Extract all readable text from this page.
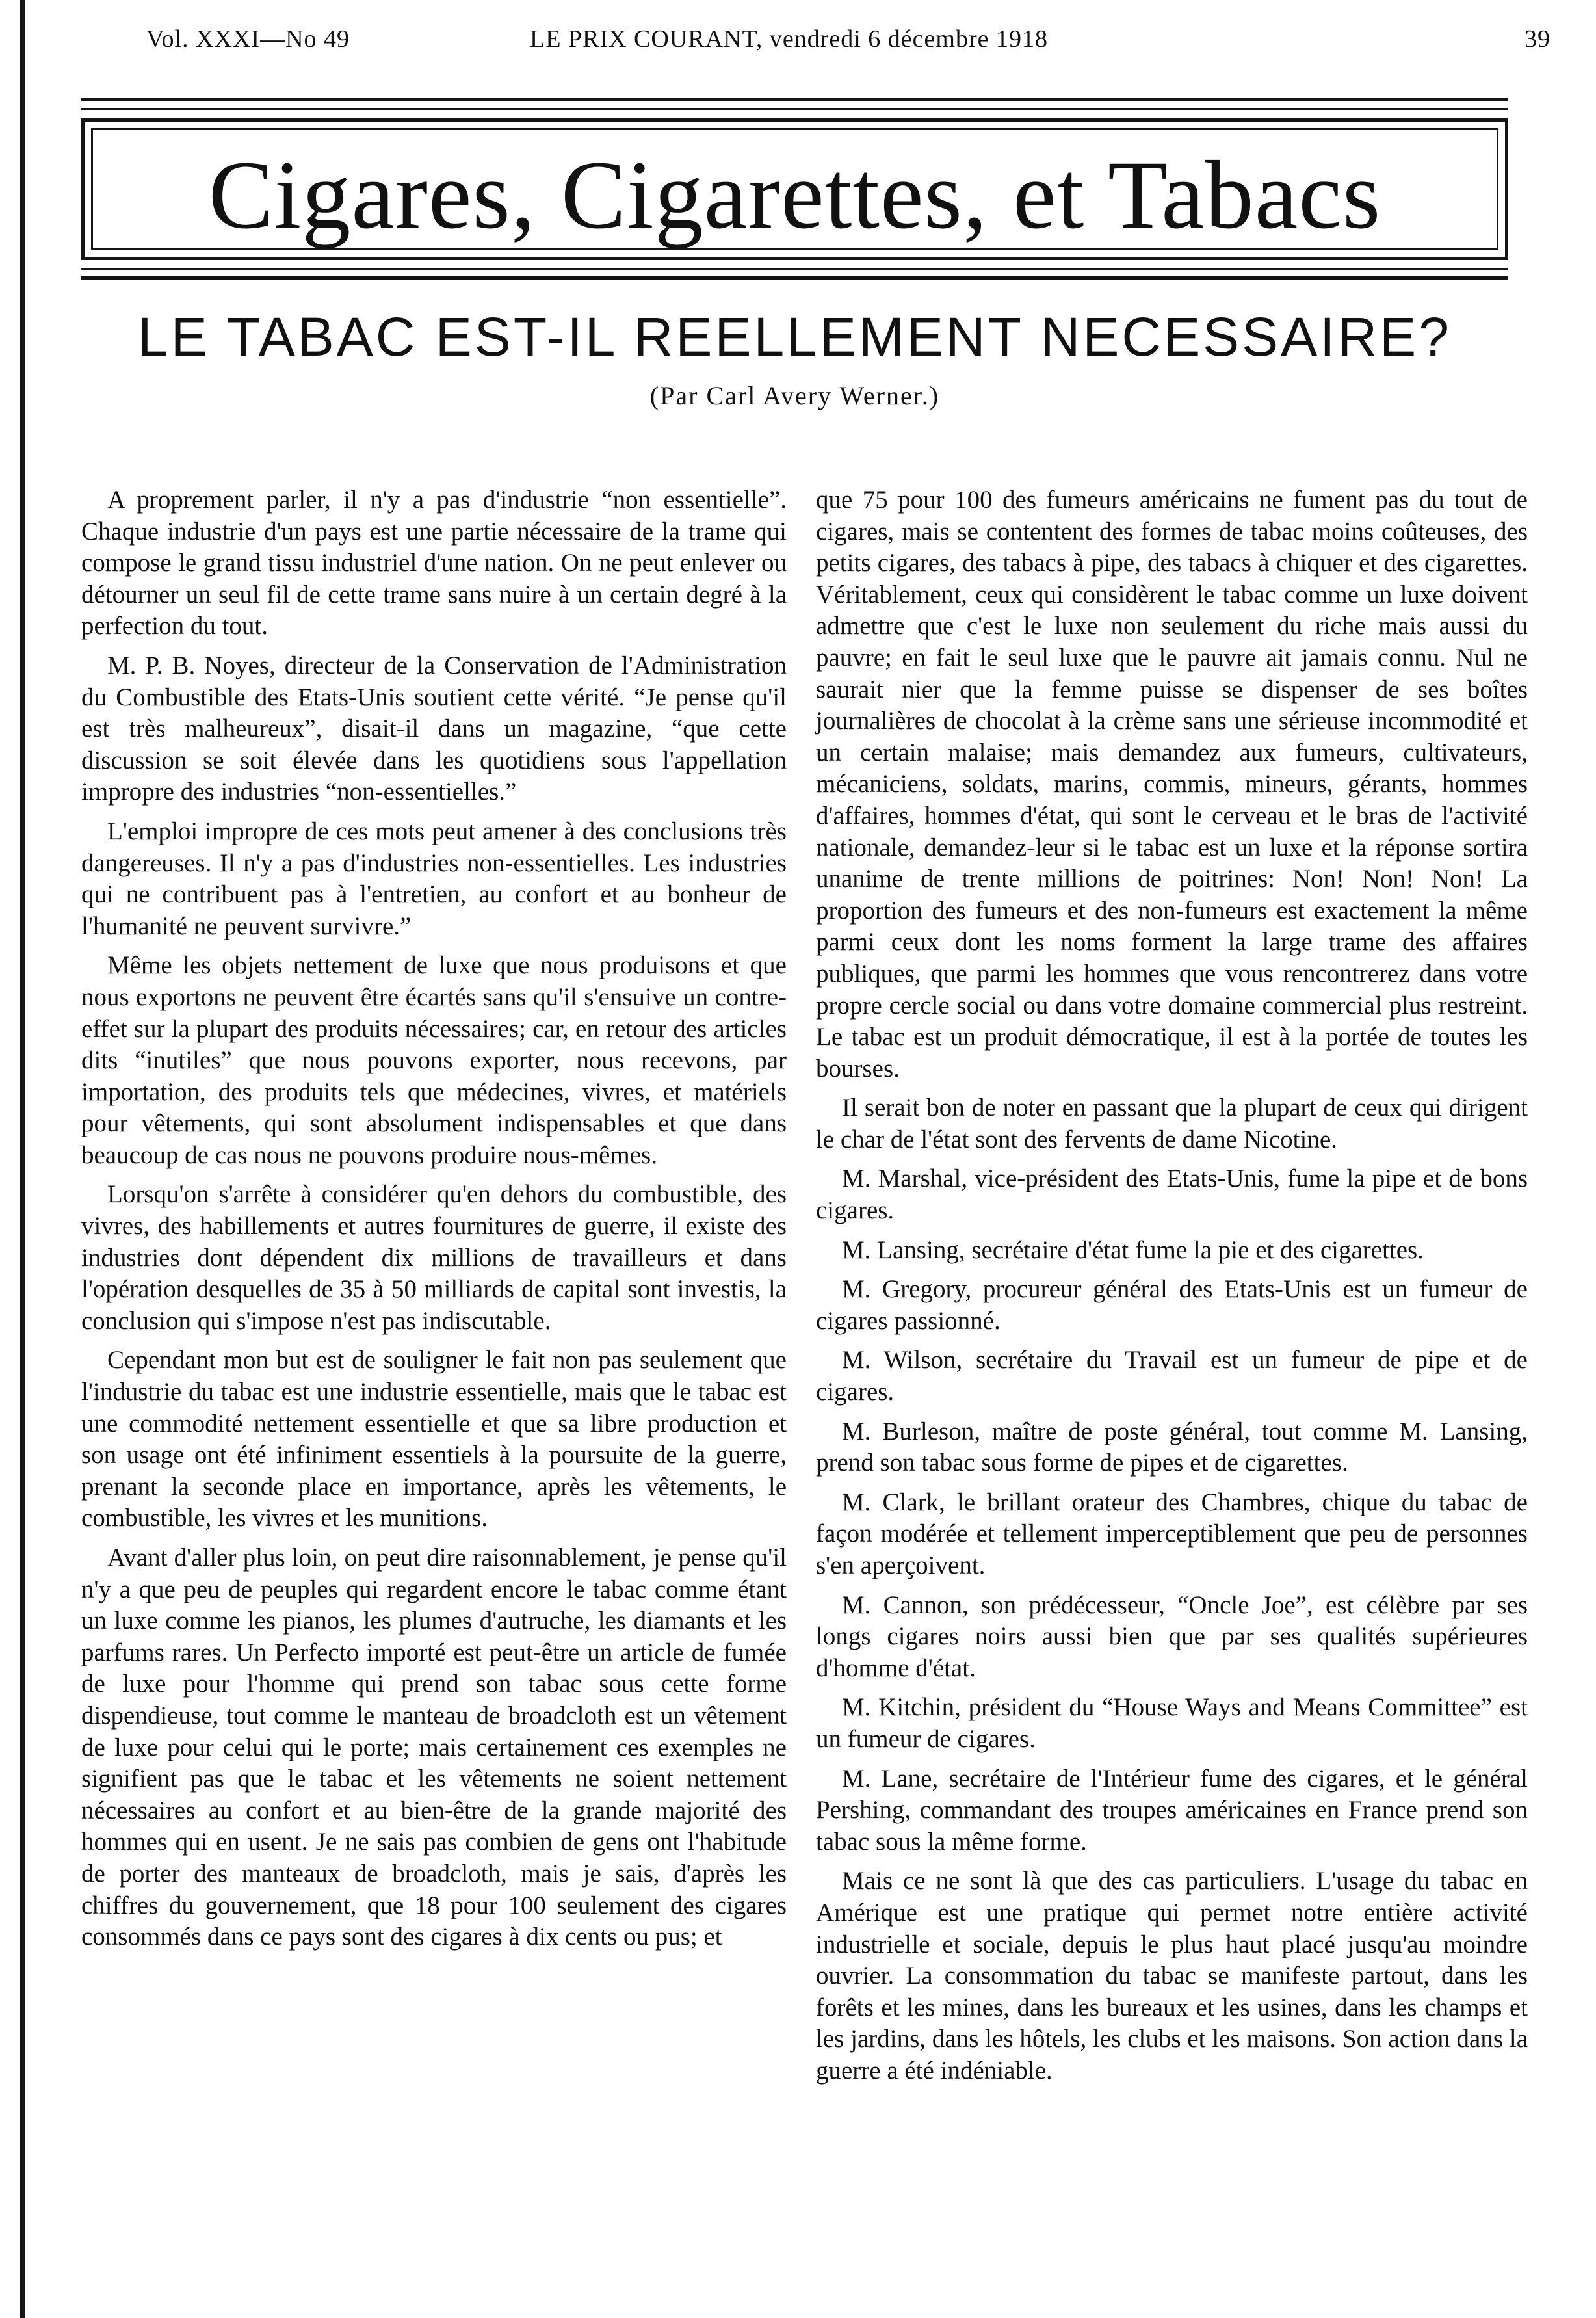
Vol. XXXI—No 49	LE PRIX COURANT, vendredi 6 décembre 1918	39
Cigares, Cigarettes, et Tabacs
LE TABAC EST-IL REELLEMENT NECESSAIRE?
(Par Carl Avery Werner.)

A proprement parler, il n'y a pas d'industrie “non essentielle”. Chaque industrie d'un pays est une partie nécessaire de la trame qui compose le grand tissu industriel d'une nation. On ne peut enlever ou détourner un seul fil de cette trame sans nuire à un certain degré à la perfection du tout.

M. P. B. Noyes, directeur de la Conservation de l'Administration du Combustible des Etats-Unis soutient cette vérité. “Je pense qu'il est très malheureux”, disait-il dans un magazine, “que cette discussion se soit élevée dans les quotidiens sous l'appellation impropre des industries “non-essentielles.”

L'emploi impropre de ces mots peut amener à des conclusions très dangereuses. Il n'y a pas d'industries non-essentielles. Les industries qui ne contribuent pas à l'entretien, au confort et au bonheur de l'humanité ne peuvent survivre.”

Même les objets nettement de luxe que nous produisons et que nous exportons ne peuvent être écartés sans qu'il s'ensuive un contre-effet sur la plupart des produits nécessaires; car, en retour des articles dits “inutiles” que nous pouvons exporter, nous recevons, par importation, des produits tels que médecines, vivres, et matériels pour vêtements, qui sont absolument indispensables et que dans beaucoup de cas nous ne pouvons produire nous-mêmes.

Lorsqu'on s'arrête à considérer qu'en dehors du combustible, des vivres, des habillements et autres fournitures de guerre, il existe des industries dont dépendent dix millions de travailleurs et dans l'opération desquelles de 35 à 50 milliards de capital sont investis, la conclusion qui s'impose n'est pas indiscutable.

Cependant mon but est de souligner le fait non pas seulement que l'industrie du tabac est une industrie essentielle, mais que le tabac est une commodité nettement essentielle et que sa libre production et son usage ont été infiniment essentiels à la poursuite de la guerre, prenant la seconde place en importance, après les vêtements, le combustible, les vivres et les munitions.

Avant d'aller plus loin, on peut dire raisonnablement, je pense qu'il n'y a que peu de peuples qui regardent encore le tabac comme étant un luxe comme les pianos, les plumes d'autruche, les diamants et les parfums rares. Un Perfecto importé est peut-être un article de fumée de luxe pour l'homme qui prend son tabac sous cette forme dispendieuse, tout comme le manteau de broadcloth est un vêtement de luxe pour celui qui le porte; mais certainement ces exemples ne signifient pas que le tabac et les vêtements ne soient nettement nécessaires au confort et au bien-être de la grande majorité des hommes qui en usent. Je ne sais pas combien de gens ont l'habitude de porter des manteaux de broadcloth, mais je sais, d'après les chiffres du gouvernement, que 18 pour 100 seulement des cigares consommés dans ce pays sont des cigares à dix cents ou pus; et

que 75 pour 100 des fumeurs américains ne fument pas du tout de cigares, mais se contentent des formes de tabac moins coûteuses, des petits cigares, des tabacs à pipe, des tabacs à chiquer et des cigarettes. Véritablement, ceux qui considèrent le tabac comme un luxe doivent admettre que c'est le luxe non seulement du riche mais aussi du pauvre; en fait le seul luxe que le pauvre ait jamais connu. Nul ne saurait nier que la femme puisse se dispenser de ses boîtes journalières de chocolat à la crème sans une sérieuse incommodité et un certain malaise; mais demandez aux fumeurs, cultivateurs, mécaniciens, soldats, marins, commis, mineurs, gérants, hommes d'affaires, hommes d'état, qui sont le cerveau et le bras de l'activité nationale, demandez-leur si le tabac est un luxe et la réponse sortira unanime de trente millions de poitrines: Non! Non! Non! La proportion des fumeurs et des non-fumeurs est exactement la même parmi ceux dont les noms forment la large trame des affaires publiques, que parmi les hommes que vous rencontrerez dans votre propre cercle social ou dans votre domaine commercial plus restreint. Le tabac est un produit démocratique, il est à la portée de toutes les bourses.

Il serait bon de noter en passant que la plupart de ceux qui dirigent le char de l'état sont des fervents de dame Nicotine.

M. Marshal, vice-président des Etats-Unis, fume la pipe et de bons cigares.

M. Lansing, secrétaire d'état fume la pie et des cigarettes.

M. Gregory, procureur général des Etats-Unis est un fumeur de cigares passionné.

M. Wilson, secrétaire du Travail est un fumeur de pipe et de cigares.

M. Burleson, maître de poste général, tout comme M. Lansing, prend son tabac sous forme de pipes et de cigarettes.

M. Clark, le brillant orateur des Chambres, chique du tabac de façon modérée et tellement imperceptiblement que peu de personnes s'en aperçoivent.

M. Cannon, son prédécesseur, “Oncle Joe”, est célèbre par ses longs cigares noirs aussi bien que par ses qualités supérieures d'homme d'état.

M. Kitchin, président du “House Ways and Means Committee” est un fumeur de cigares.

M. Lane, secrétaire de l'Intérieur fume des cigares, et le général Pershing, commandant des troupes américaines en France prend son tabac sous la même forme.

Mais ce ne sont là que des cas particuliers. L'usage du tabac en Amérique est une pratique qui permet notre entière activité industrielle et sociale, depuis le plus haut placé jusqu'au moindre ouvrier. La consommation du tabac se manifeste partout, dans les forêts et les mines, dans les bureaux et les usines, dans les champs et les jardins, dans les hôtels, les clubs et les maisons. Son action dans la guerre a été indéniable.
